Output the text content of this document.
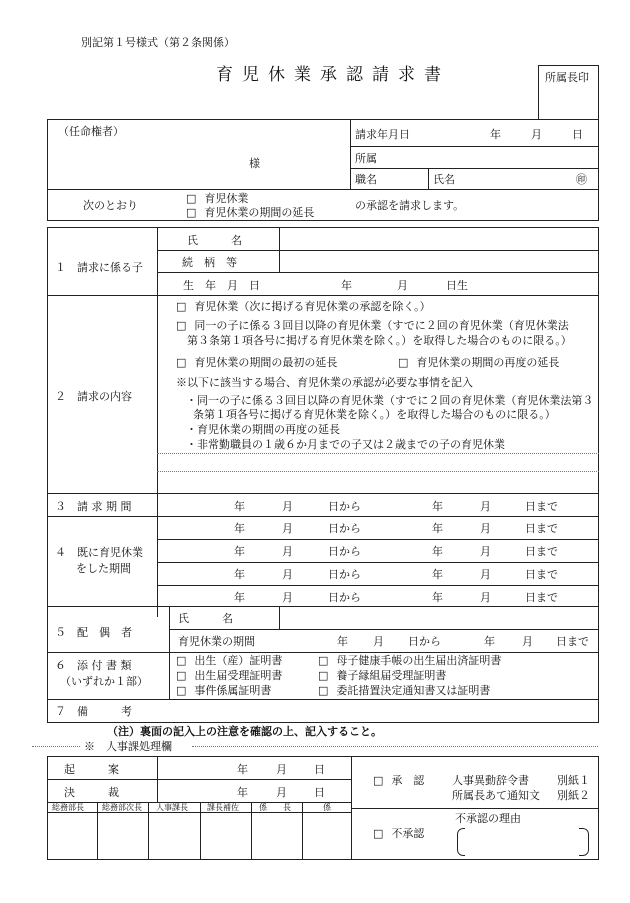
別記第１号様式（第２条関係）
育児休業承認請求書	所属長印
（任命権者）
様
請求年月日	年	月	日
所属
職名	氏名	㊞
次のとおり
□ 育児休業
□ 育児休業の期間の延長
の承認を請求します。
１　請求に係る子
氏　　　名
続　柄　等
生　年　月　日	年	月	日生
２　請求の内容
□ 育児休業（次に掲げる育児休業の承認を除く。）
□ 同一の子に係る３回目以降の育児休業（すでに２回の育児休業（育児休業法
第３条第１項各号に掲げる育児休業を除く。）を取得した場合のものに限る。）
□ 育児休業の期間の最初の延長	□ 育児休業の期間の再度の延長
※以下に該当する場合、育児休業の承認が必要な事情を記入
・同一の子に係る３回目以降の育児休業（すでに２回の育児休業（育児休業法第３
条第１項各号に掲げる育児休業を除く。）を取得した場合のものに限る。）
・育児休業の期間の再度の延長
・非常勤職員の１歳６か月までの子又は２歳までの子の育児休業
３　請 求 期 間	年	月	日から	年	月	日まで
４　既に育児休業
をした期間
年	月	日から	年	月	日まで
年	月	日から	年	月	日まで
年	月	日から	年	月	日まで
年	月	日から	年	月	日まで
５　配　偶　者
氏　　　名
育児休業の期間	年 月 日から	年 月 日まで
６　添 付 書 類
（いずれか１部）
□ 出生（産）証明書	□ 母子健康手帳の出生届出済証明書
□ 出生届受理証明書	□ 養子縁組届受理証明書
□ 事件係属証明書	□ 委託措置決定通知書又は証明書
７　備　　　考
（注）裏面の記入上の注意を確認の上、記入すること。
※　人事課処理欄
起　　　案	年	月 日
決　　　裁	年	月 日
総務部長 総務部次長 人事課長 課長補佐	係　　長	係
□ 承　認	人事異動辞令書	別紙１
所属長あて通知文 別紙２
□ 不承認
不承認の理由
